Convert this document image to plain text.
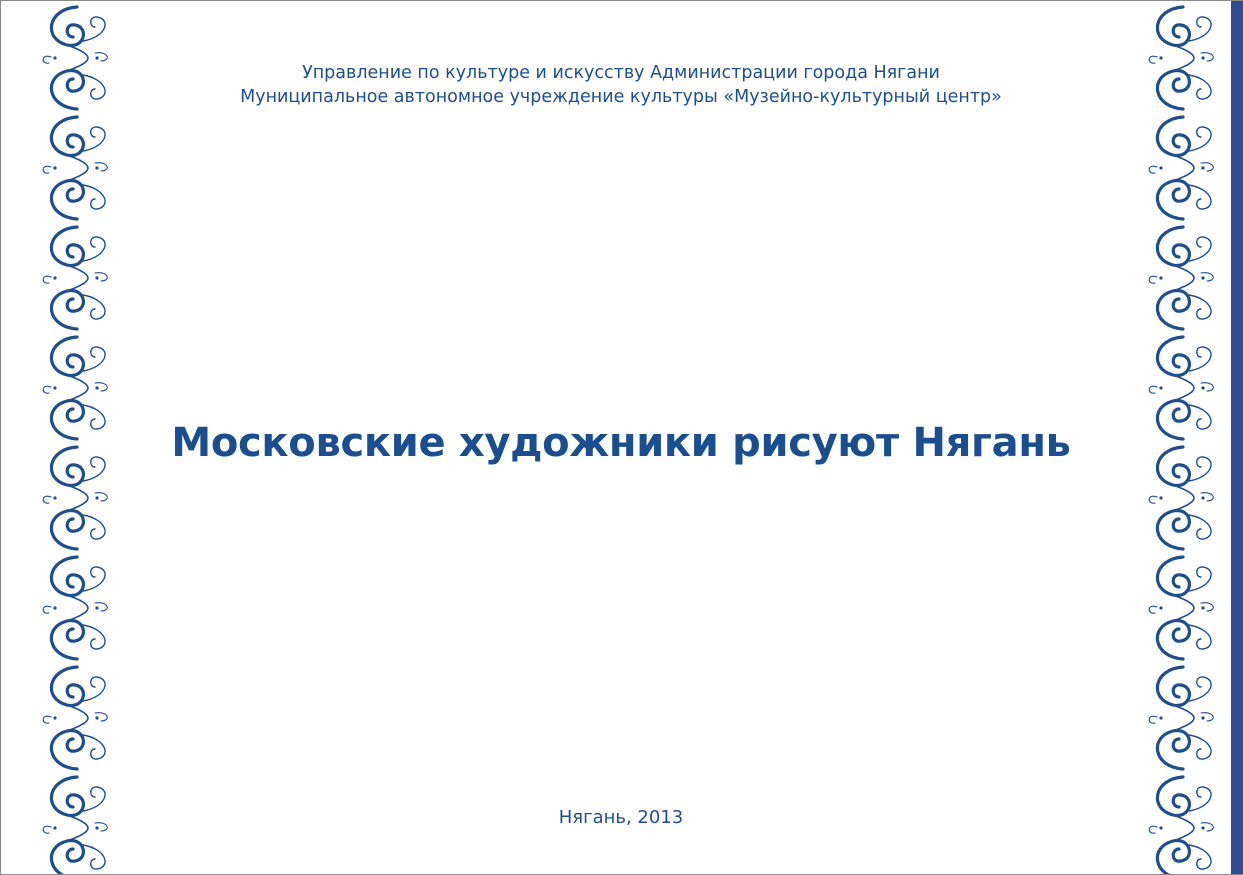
Управление по культуре и искусству Администрации города Нягани
Муниципальное автономное учреждение культуры «Музейно-культурный центр»
Московские художники рисуют Нягань
Нягань, 2013
